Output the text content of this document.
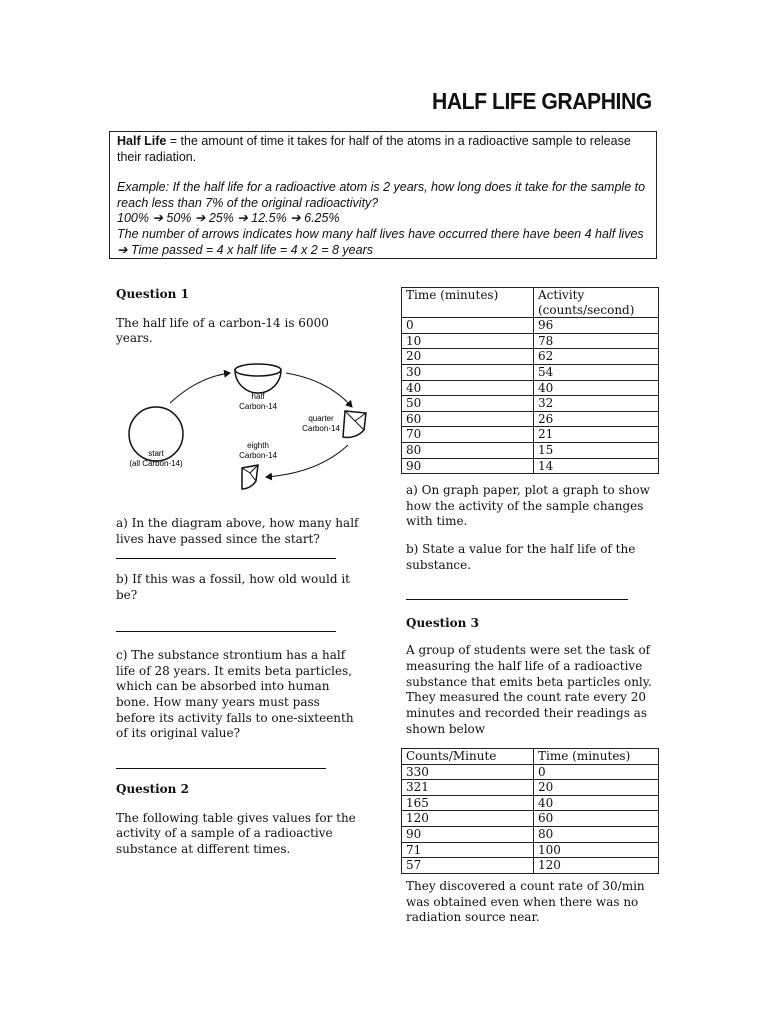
HALF LIFE GRAPHING

Half Life = the amount of time it takes for half of the atoms in a radioactive sample to release their radiation.

Example: If the half life for a radioactive atom is 2 years, how long does it take for the sample to reach less than 7% of the original radioactivity?

100% ➔ 50% ➔ 25% ➔ 12.5% ➔ 6.25%

The number of arrows indicates how many half lives have occurred there have been 4 half lives ➔ Time passed = 4 x half life = 4 x 2 = 8 years

Question 1

The half life of a carbon-14 is 6000 years.

start
(all Carbon-14)
half
Carbon-14
quarter
Carbon-14
eighth
Carbon-14

a) In the diagram above, how many half lives have passed since the start?

b) If this was a fossil, how old would it be?

c) The substance strontium has a half life of 28 years. It emits beta particles, which can be absorbed into human bone. How many years must pass before its activity falls to one-sixteenth of its original value?

Question 2

The following table gives values for the activity of a sample of a radioactive substance at different times.

Time (minutes)	Activity (counts/second)
0	96
10	78
20	62
30	54
40	40
50	32
60	26
70	21
80	15
90	14

a) On graph paper, plot a graph to show how the activity of the sample changes with time.

b) State a value for the half life of the substance.

Question 3

A group of students were set the task of measuring the half life of a radioactive substance that emits beta particles only. They measured the count rate every 20 minutes and recorded their readings as shown below

Counts/Minute	Time (minutes)
330	0
321	20
165	40
120	60
90	80
71	100
57	120

They discovered a count rate of 30/min was obtained even when there was no radiation source near.
